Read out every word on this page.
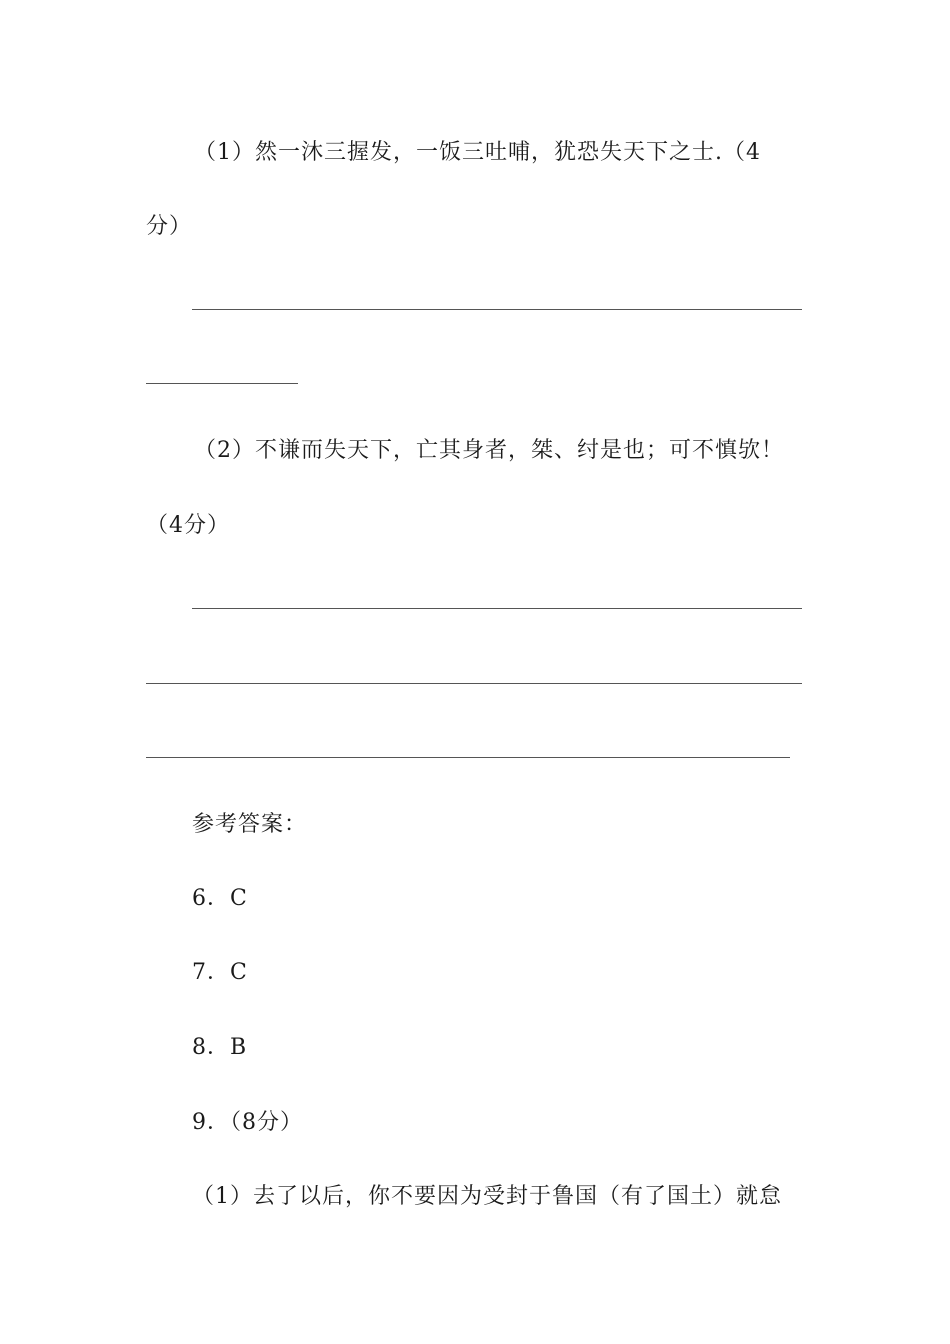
（1）然一沐三握发，一饭三吐哺，犹恐失天下之士.（4
分）
（2）不谦而失天下，亡其身者，桀、纣是也；可不慎欤！
（4分）
参考答案：
6．C
7．C
8．B
9．（8分）
（1）去了以后，你不要因为受封于鲁国（有了国土）就怠
